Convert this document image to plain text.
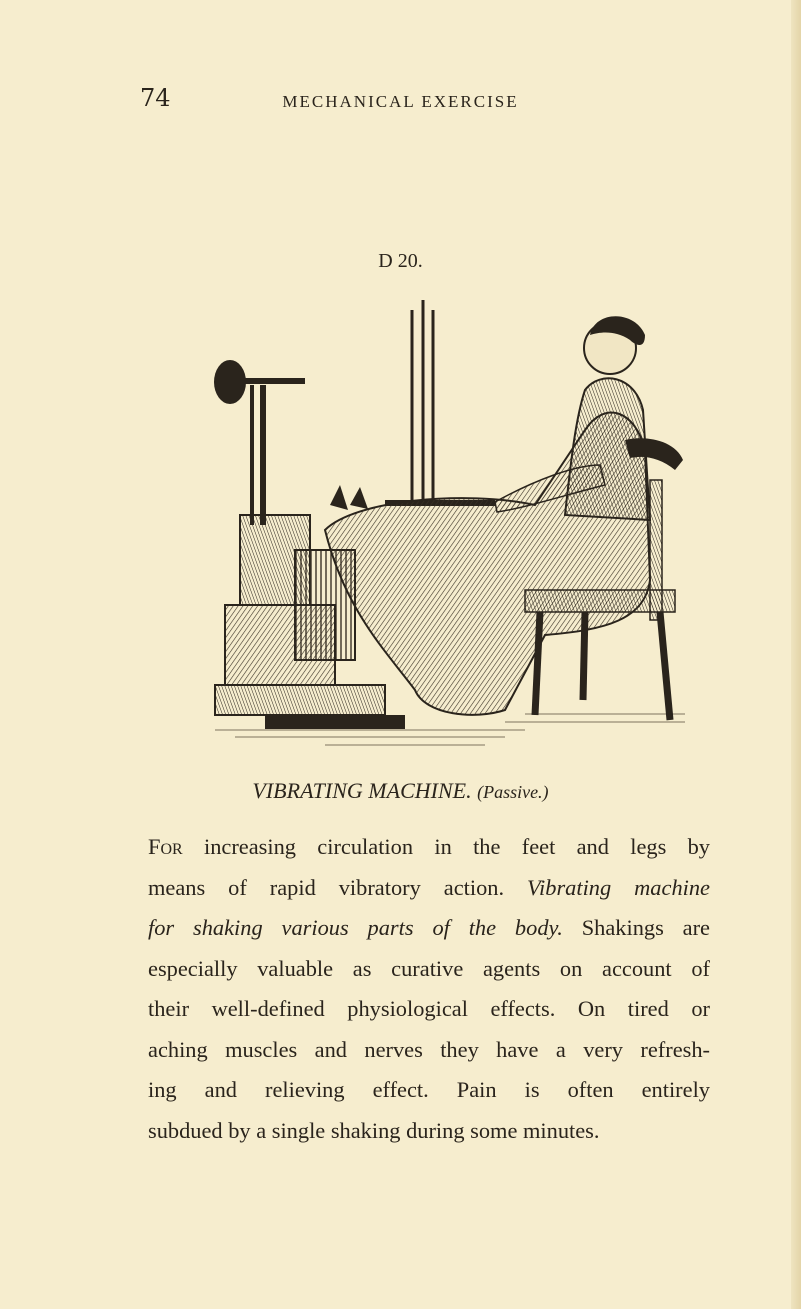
74	MECHANICAL EXERCISE
D 20.
VIBRATING MACHINE. (Passive.)
For increasing circulation in the feet and legs by
means of rapid vibratory action. Vibrating machine
for shaking various parts of the body. Shakings are
especially valuable as curative agents on account of
their well-defined physiological effects. On tired or
aching muscles and nerves they have a very refresh-
ing and relieving effect. Pain is often entirely
subdued by a single shaking during some minutes.
